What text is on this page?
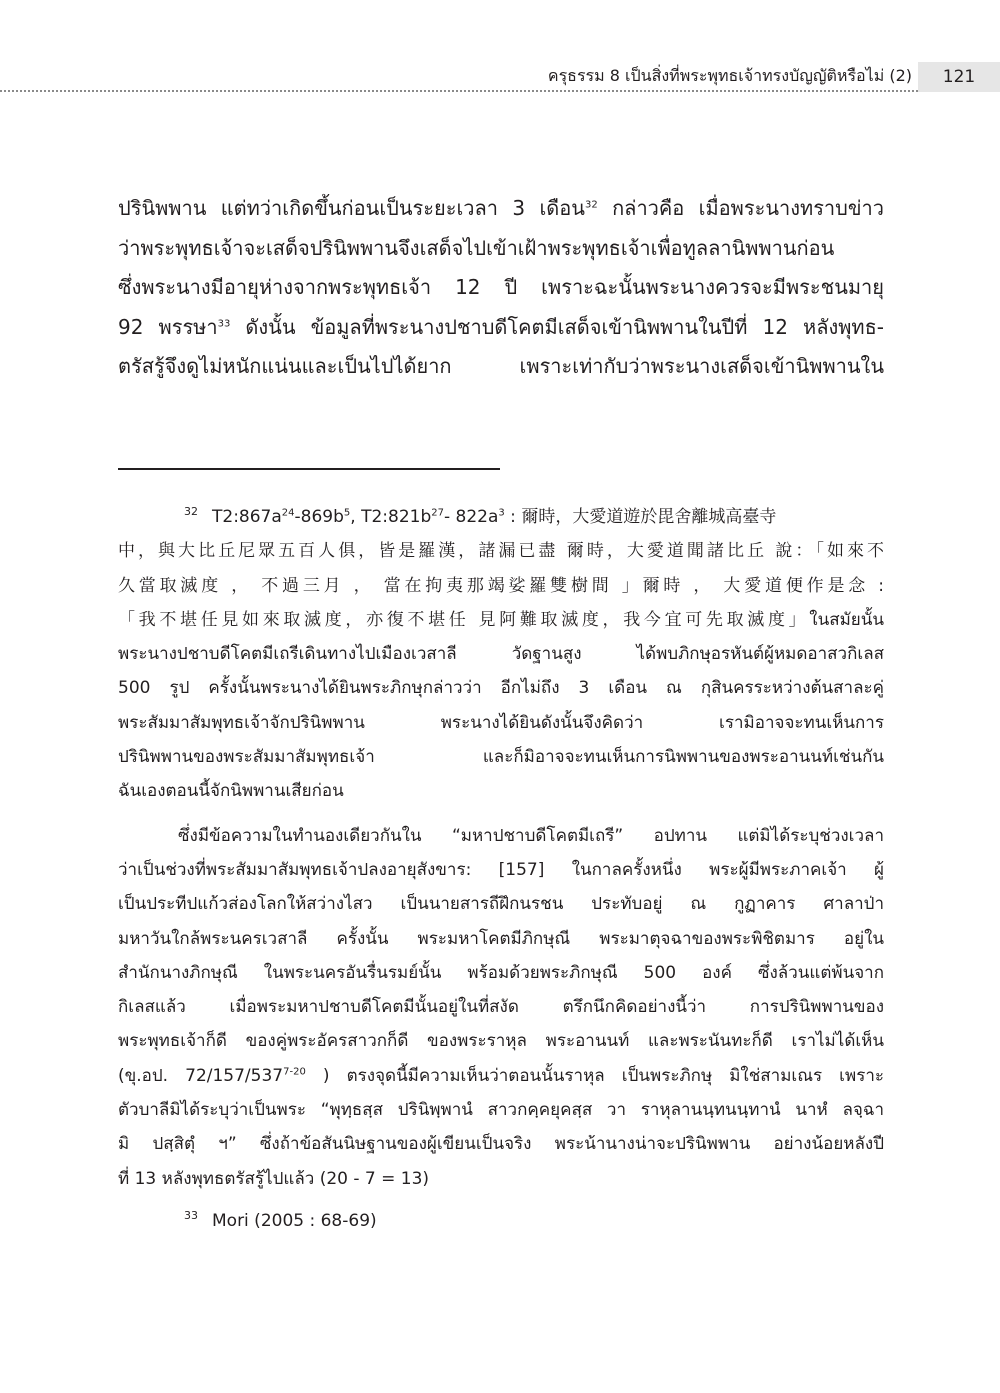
ครุธรรม 8 เป็นสิ่งที่พระพุทธเจ้าทรงบัญญัติหรือไม่ (2)	121
ปรินิพพาน แต่ทว่าเกิดขึ้นก่อนเป็นระยะเวลา 3 เดือน$^{32}$ กล่าวคือ เมื่อพระนางทราบข่าว
ว่าพระพุทธเจ้าจะเสด็จปรินิพพานจึงเสด็จไปเข้าเฝ้าพระพุทธเจ้าเพื่อทูลลานิพพานก่อน
ซึ่งพระนางมีอายุห่างจากพระพุทธเจ้า 12 ปี เพราะฉะนั้นพระนางควรจะมีพระชนมายุ
92 พรรษา$^{33}$ ดังนั้น ข้อมูลที่พระนางปชาบดีโคตมีเสด็จเข้านิพพานในปีที่ 12 หลังพุทธ-
ตรัสรู้จึงดูไม่หนักแน่นและเป็นไปได้ยาก เพราะเท่ากับว่าพระนางเสด็จเข้านิพพานใน
$^{32}$ $T2:867a^{24}-869b^5$, $T2:821b^{27}-$ $822a^3$ : 爾時，大愛道遊於毘舍離城高臺寺
中，與大比丘尼眾五百人俱，皆是羅漢，諸漏已盡 爾時，大愛道聞諸比丘 說：「如來不
久當取滅度 ， 不過三月 ， 當在拘夷那竭娑羅雙樹間 」爾時 ， 大愛道便作是念 :
「我不堪任見如來取滅度，亦復不堪任 見阿難取滅度，我今宜可先取滅度」ในสมัยนั้น
พระนางปชาบดีโคตมีเถรีเดินทางไปเมืองเวสาลี วัดฐานสูง ได้พบภิกษุอรหันต์ผู้หมดอาสวกิเลส
500 รูป ครั้งนั้นพระนางได้ยินพระภิกษุกล่าวว่า อีกไม่ถึง 3 เดือน ณ กุสินครระหว่างต้นสาละคู่
พระสัมมาสัมพุทธเจ้าจักปรินิพพาน พระนางได้ยินดังนั้นจึงคิดว่า เรามิอาจจะทนเห็นการ
ปรินิพพานของพระสัมมาสัมพุทธเจ้า และก็มิอาจจะทนเห็นการนิพพานของพระอานนท์เช่นกัน
ฉันเองตอนนี้จักนิพพานเสียก่อน
ซึ่งมีข้อความในทำนองเดียวกันใน “มหาปชาบดีโคตมีเถรี” อปทาน แต่มิได้ระบุช่วงเวลา
ว่าเป็นช่วงที่พระสัมมาสัมพุทธเจ้าปลงอายุสังขาร: [157] ในกาลครั้งหนึ่ง พระผู้มีพระภาคเจ้า ผู้
เป็นประทีปแก้วส่องโลกให้สว่างไสว เป็นนายสารถีฝึกนรชน ประทับอยู่ ณ กูฏาคาร ศาลาป่า
มหาวันใกล้พระนครเวสาลี ครั้งนั้น พระมหาโคตมีภิกษุณี พระมาตุจฉาของพระพิชิตมาร อยู่ใน
สำนักนางภิกษุณี ในพระนครอันรื่นรมย์นั้น พร้อมด้วยพระภิกษุณี 500 องค์ ซึ่งล้วนแต่พ้นจาก
กิเลสแล้ว เมื่อพระมหาปชาบดีโคตมีนั้นอยู่ในที่สงัด ตรึกนึกคิดอย่างนี้ว่า การปรินิพพานของ
พระพุทธเจ้าก็ดี ของคู่พระอัครสาวกก็ดี ของพระราหุล พระอานนท์ และพระนันทะก็ดี เราไม่ได้เห็น
(ขุ.อป. 72/157/537$^{7-20}$ ) ตรงจุดนี้มีความเห็นว่าตอนนั้นราหุล เป็นพระภิกษุ มิใช่สามเณร เพราะ
ตัวบาลีมิได้ระบุว่าเป็นพระ “พุทฺธสฺส ปรินิพฺพานํ สาวกคฺคยุคสฺส วา ราหุลานนฺทนนฺทานํ นาหํ ลจฺฉา
มิ ปสฺสิตุํ ฯ” ซึ่งถ้าข้อสันนิษฐานของผู้เขียนเป็นจริง พระน้านางน่าจะปรินิพพาน อย่างน้อยหลังปี
ที่ 13 หลังพุทธตรัสรู้ไปแล้ว (20 - 7 = 13)
$^{33}$ Mori (2005 : 68-69)
